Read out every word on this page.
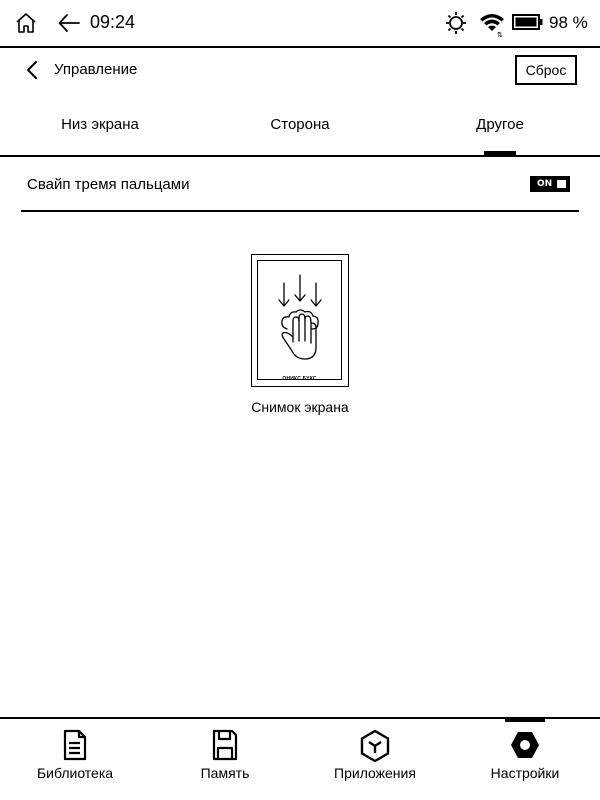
09:24
⇅
98 %
Управление	Сброс
Низ экрана	Сторона	Другое
Свайп тремя пальцами	ON
ОНИКС БУКС
Снимок экрана
Библиотека	Память	Приложения	Настройки
